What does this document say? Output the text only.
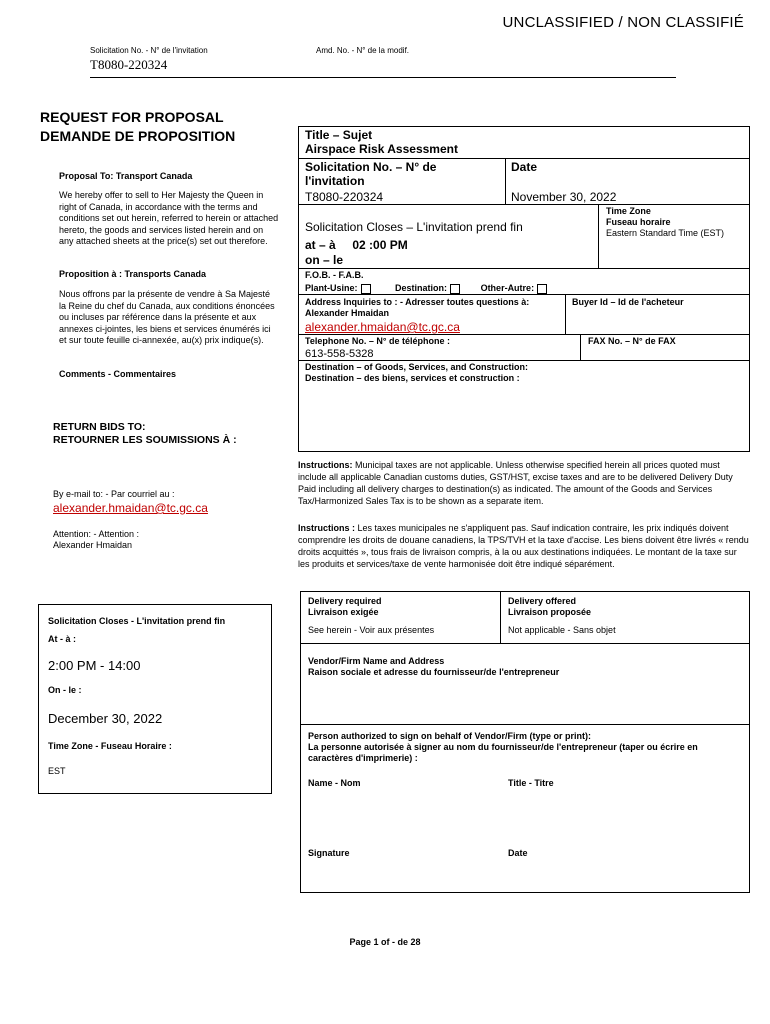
UNCLASSIFIED / NON CLASSIFIÉ
Solicitation No. - N° de l'invitation	Amd. No. - N° de la modif.
T8080-220324
REQUEST FOR PROPOSAL
DEMANDE DE PROPOSITION
Proposal To: Transport Canada
We hereby offer to sell to Her Majesty the Queen in right of Canada, in accordance with the terms and conditions set out herein, referred to herein or attached hereto, the goods and services listed herein and on any attached sheets at the price(s) set out therefore.
Proposition à : Transports Canada
Nous offrons par la présente de vendre à Sa Majesté la Reine du chef du Canada, aux conditions énoncées ou incluses par référence dans la présente et aux annexes ci-jointes, les biens et services énumérés ici et sur toute feuille ci-annexée, au(x) prix indique(s).
Comments - Commentaires
RETURN BIDS TO:
RETOURNER LES SOUMISSIONS À :
By e-mail to: - Par courriel au :
alexander.hmaidan@tc.gc.ca
Attention: - Attention :
Alexander Hmaidan
Solicitation Closes - L'invitation prend fin
At - à :
2:00 PM - 14:00
On - le :
December 30, 2022
Time Zone - Fuseau Horaire :
EST
Title – Sujet
Airspace Risk Assessment
Solicitation No. – N° de
l'invitation
T8080-220324
Date
November 30, 2022
Solicitation Closes – L'invitation prend fin
at – à     02 :00 PM
on – le
Time Zone
Fuseau horaire
Eastern Standard Time (EST)
F.O.B. - F.A.B.
Plant-Usine:	Destination:	Other-Autre:
Address Inquiries to : - Adresser toutes questions à:
Alexander Hmaidan
alexander.hmaidan@tc.gc.ca
Buyer Id – Id de l'acheteur
Telephone No. – N° de téléphone :
613-558-5328
FAX No. – N° de FAX
Destination – of Goods, Services, and Construction:
Destination – des biens, services et construction :
Instructions: Municipal taxes are not applicable. Unless otherwise specified herein all prices quoted must include all applicable Canadian customs duties, GST/HST, excise taxes and are to be delivered Delivery Duty Paid including all delivery charges to destination(s) as indicated. The amount of the Goods and Services Tax/Harmonized Sales Tax is to be shown as a separate item.
Instructions : Les taxes municipales ne s'appliquent pas. Sauf indication contraire, les prix indiqués doivent comprendre les droits de douane canadiens, la TPS/TVH et la taxe d'accise. Les biens doivent être livrés « rendu droits acquittés », tous frais de livraison compris, à la ou aux destinations indiquées. Le montant de la taxe sur les produits et services/taxe de vente harmonisée doit être indiqué séparément.
Delivery required
Livraison exigée
See herein - Voir aux présentes
Delivery offered
Livraison proposée
Not applicable - Sans objet
Vendor/Firm Name and Address
Raison sociale et adresse du fournisseur/de l'entrepreneur
Person authorized to sign on behalf of Vendor/Firm (type or print):
La personne autorisée à signer au nom du fournisseur/de l'entrepreneur (taper ou écrire en caractères d'imprimerie) :
Name - Nom	Title - Titre
Signature	Date
Page 1 of - de 28
